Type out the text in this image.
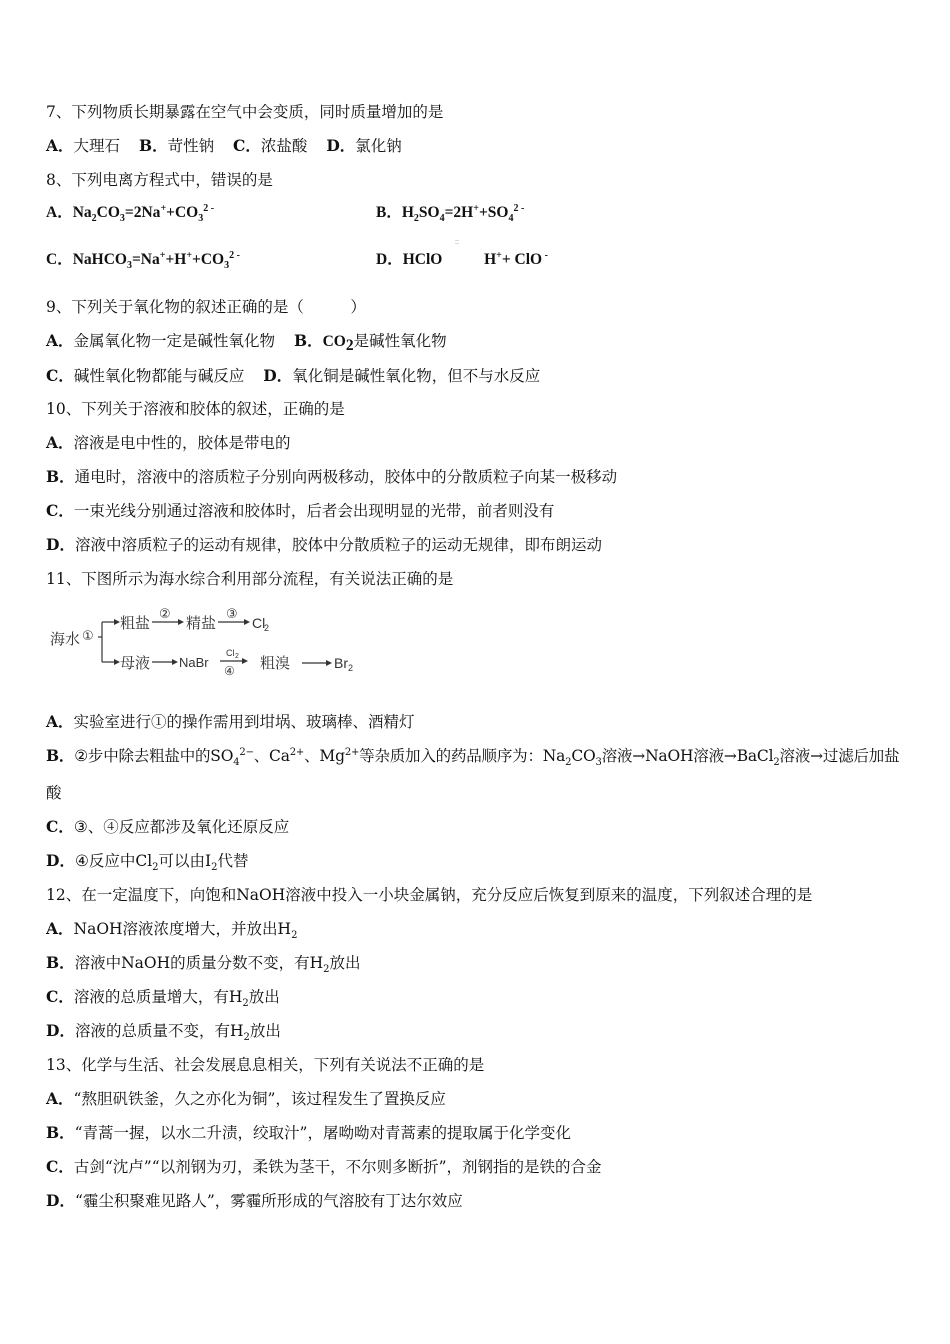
7、下列物质长期暴露在空气中会变质，同时质量增加的是
A．大理石 B．苛性钠 C．浓盐酸 D．氯化钠
8、下列电离方程式中，错误的是
A．$Na_2CO_3=2Na^++CO_3^{2 -}$	B．$H_2SO_4=2H^++SO_4^{2 -}$
C．$NaHCO_3=Na^++H^++CO_3^{2 -}$	D．HClO	H++ ClO -
9、下列关于氧化物的叙述正确的是（　　　）
A．金属氧化物一定是碱性氧化物 B．$CO_2$是碱性氧化物
C．碱性氧化物都能与碱反应 D．氧化铜是碱性氧化物，但不与水反应
10、下列关于溶液和胶体的叙述，正确的是
A．溶液是电中性的，胶体是带电的
B．通电时，溶液中的溶质粒子分别向两极移动，胶体中的分散质粒子向某一极移动
C．一束光线分别通过溶液和胶体时，后者会出现明显的光带，前者则没有
D．溶液中溶质粒子的运动有规律，胶体中分散质粒子的运动无规律，即布朗运动
11、下图所示为海水综合利用部分流程，有关说法正确的是
海水 ①
粗盐
②
精盐
③
Cl
2
母液 NaBr
Cl 2
④ 粗溴	Br 2
A．实验室进行①的操作需用到坩埚、玻璃棒、酒精灯
B．②步中除去粗盐中的$SO_4^{2-}$、$Ca^{2+}$、$Mg^{2+}$等杂质加入的药品顺序为：$Na_2CO_3$溶液→NaOH溶液→BaCl$_2$溶液→过滤后加盐
酸
C．③、④反应都涉及氧化还原反应
D．④反应中$Cl_2$可以由$I_2$代替
12、在一定温度下，向饱和NaOH溶液中投入一小块金属钠，充分反应后恢复到原来的温度，下列叙述合理的是
A．NaOH溶液浓度增大，并放出$H_2$
B．溶液中NaOH的质量分数不变，有$H_2$放出
C．溶液的总质量增大，有$H_2$放出
D．溶液的总质量不变，有$H_2$放出
13、化学与生活、社会发展息息相关，下列有关说法不正确的是
A．“熬胆矾铁釜，久之亦化为铜”，该过程发生了置换反应
B．“青蒿一握，以水二升渍，绞取汁”，屠呦呦对青蒿素的提取属于化学变化
C．古剑“沈卢”“以剂钢为刃，柔铁为茎干，不尔则多断折”，剂钢指的是铁的合金
D．“霾尘积聚难见路人”，雾霾所形成的气溶胶有丁达尔效应
